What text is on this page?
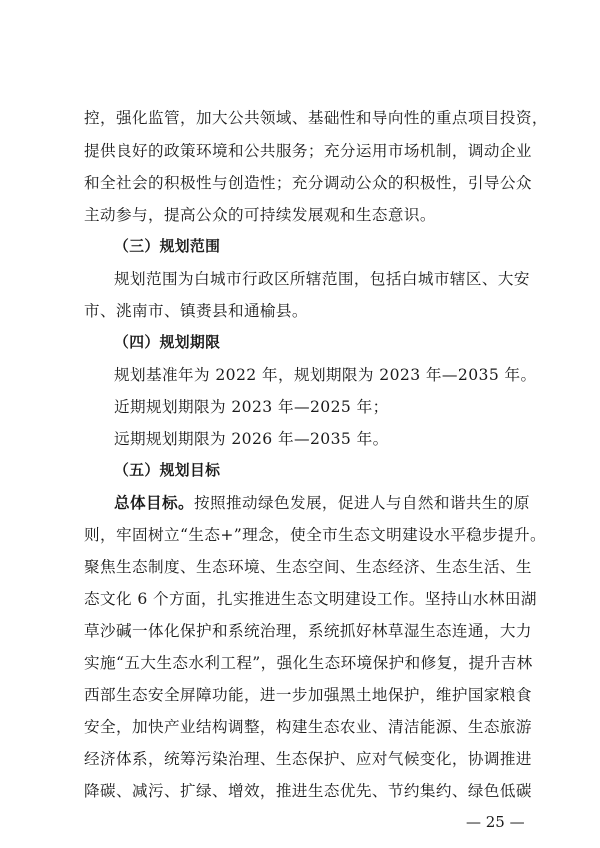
控，强化监管，加大公共领域、基础性和导向性的重点项目投资，
提供良好的政策环境和公共服务；充分运用市场机制，调动企业
和全社会的积极性与创造性；充分调动公众的积极性，引导公众
主动参与，提高公众的可持续发展观和生态意识。
（三）规划范围
规划范围为白城市行政区所辖范围，包括白城市辖区、大安
市、洮南市、镇赉县和通榆县。
（四）规划期限
规划基准年为 2022 年，规划期限为 2023 年—2035 年。
近期规划期限为 2023 年—2025 年；
远期规划期限为 2026 年—2035 年。
（五）规划目标
总体目标。按照推动绿色发展，促进人与自然和谐共生的原
则，牢固树立“生态+”理念，使全市生态文明建设水平稳步提升。
聚焦生态制度、生态环境、生态空间、生态经济、生态生活、生
态文化 6 个方面，扎实推进生态文明建设工作。坚持山水林田湖
草沙碱一体化保护和系统治理，系统抓好林草湿生态连通，大力
实施“五大生态水利工程”，强化生态环境保护和修复，提升吉林
西部生态安全屏障功能，进一步加强黑土地保护，维护国家粮食
安全，加快产业结构调整，构建生态农业、清洁能源、生态旅游
经济体系，统筹污染治理、生态保护、应对气候变化，协调推进
降碳、减污、扩绿、增效，推进生态优先、节约集约、绿色低碳
— 25 —
